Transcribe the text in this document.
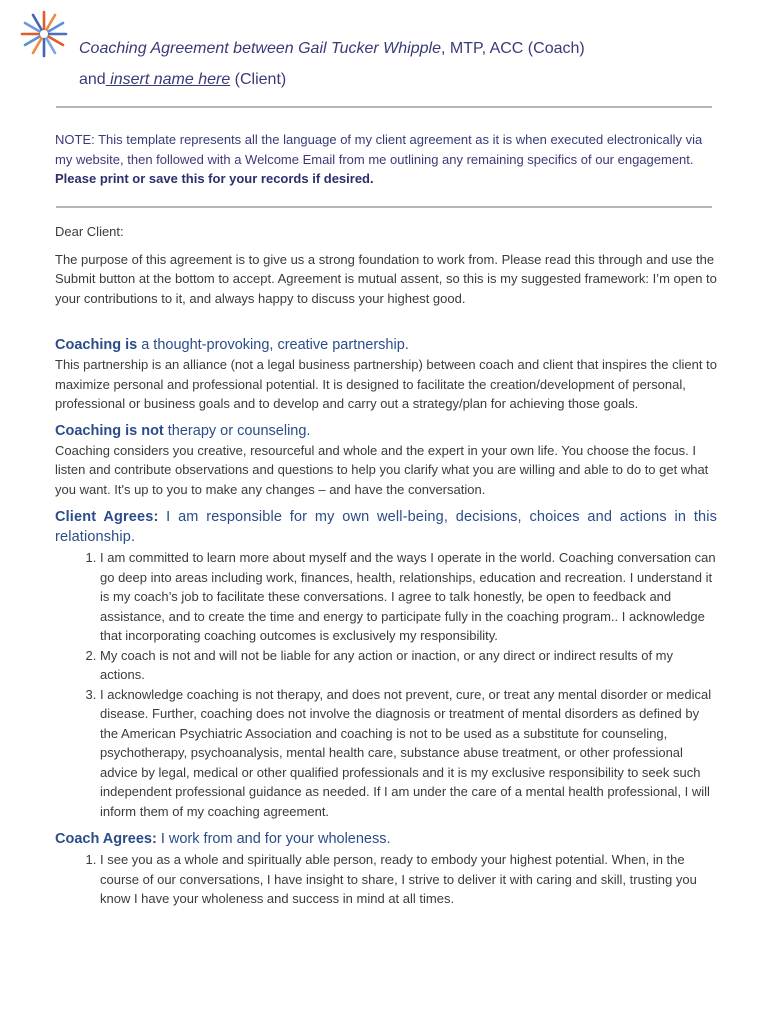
Coaching Agreement between Gail Tucker Whipple, MTP, ACC (Coach)
and insert name here (Client)
NOTE: This template represents all the language of my client agreement as it is when executed electronically via my website, then followed with a Welcome Email from me outlining any remaining specifics of our engagement. Please print or save this for your records if desired.

Dear Client:

The purpose of this agreement is to give us a strong foundation to work from. Please read this through and use the Submit button at the bottom to accept. Agreement is mutual assent, so this is my suggested framework: I’m open to your contributions to it, and always happy to discuss your highest good.

Coaching is a thought-provoking, creative partnership.

This partnership is an alliance (not a legal business partnership) between coach and client that inspires the client to maximize personal and professional potential. It is designed to facilitate the creation/development of personal, professional or business goals and to develop and carry out a strategy/plan for achieving those goals.

Coaching is not therapy or counseling.

Coaching considers you creative, resourceful and whole and the expert in your own life. You choose the focus. I listen and contribute observations and questions to help you clarify what you are willing and able to do to get what you want. It's up to you to make any changes – and have the conversation.

Client Agrees: I am responsible for my own well-being, decisions, choices and actions in this relationship.

1. I am committed to learn more about myself and the ways I operate in the world. Coaching conversation can go deep into areas including work, finances, health, relationships, education and recreation. I understand it is my coach’s job to facilitate these conversations. I agree to talk honestly, be open to feedback and assistance, and to create the time and energy to participate fully in the coaching program.. I acknowledge that incorporating coaching outcomes is exclusively my responsibility.
2. My coach is not and will not be liable for any action or inaction, or any direct or indirect results of my actions.
3. I acknowledge coaching is not therapy, and does not prevent, cure, or treat any mental disorder or medical disease. Further, coaching does not involve the diagnosis or treatment of mental disorders as defined by the American Psychiatric Association and coaching is not to be used as a substitute for counseling, psychotherapy, psychoanalysis, mental health care, substance abuse treatment, or other professional advice by legal, medical or other qualified professionals and it is my exclusive responsibility to seek such independent professional guidance as needed. If I am under the care of a mental health professional, I will inform them of my coaching agreement.

Coach Agrees: I work from and for your wholeness.

1. I see you as a whole and spiritually able person, ready to embody your highest potential. When, in the course of our conversations, I have insight to share, I strive to deliver it with caring and skill, trusting you know I have your wholeness and success in mind at all times.
